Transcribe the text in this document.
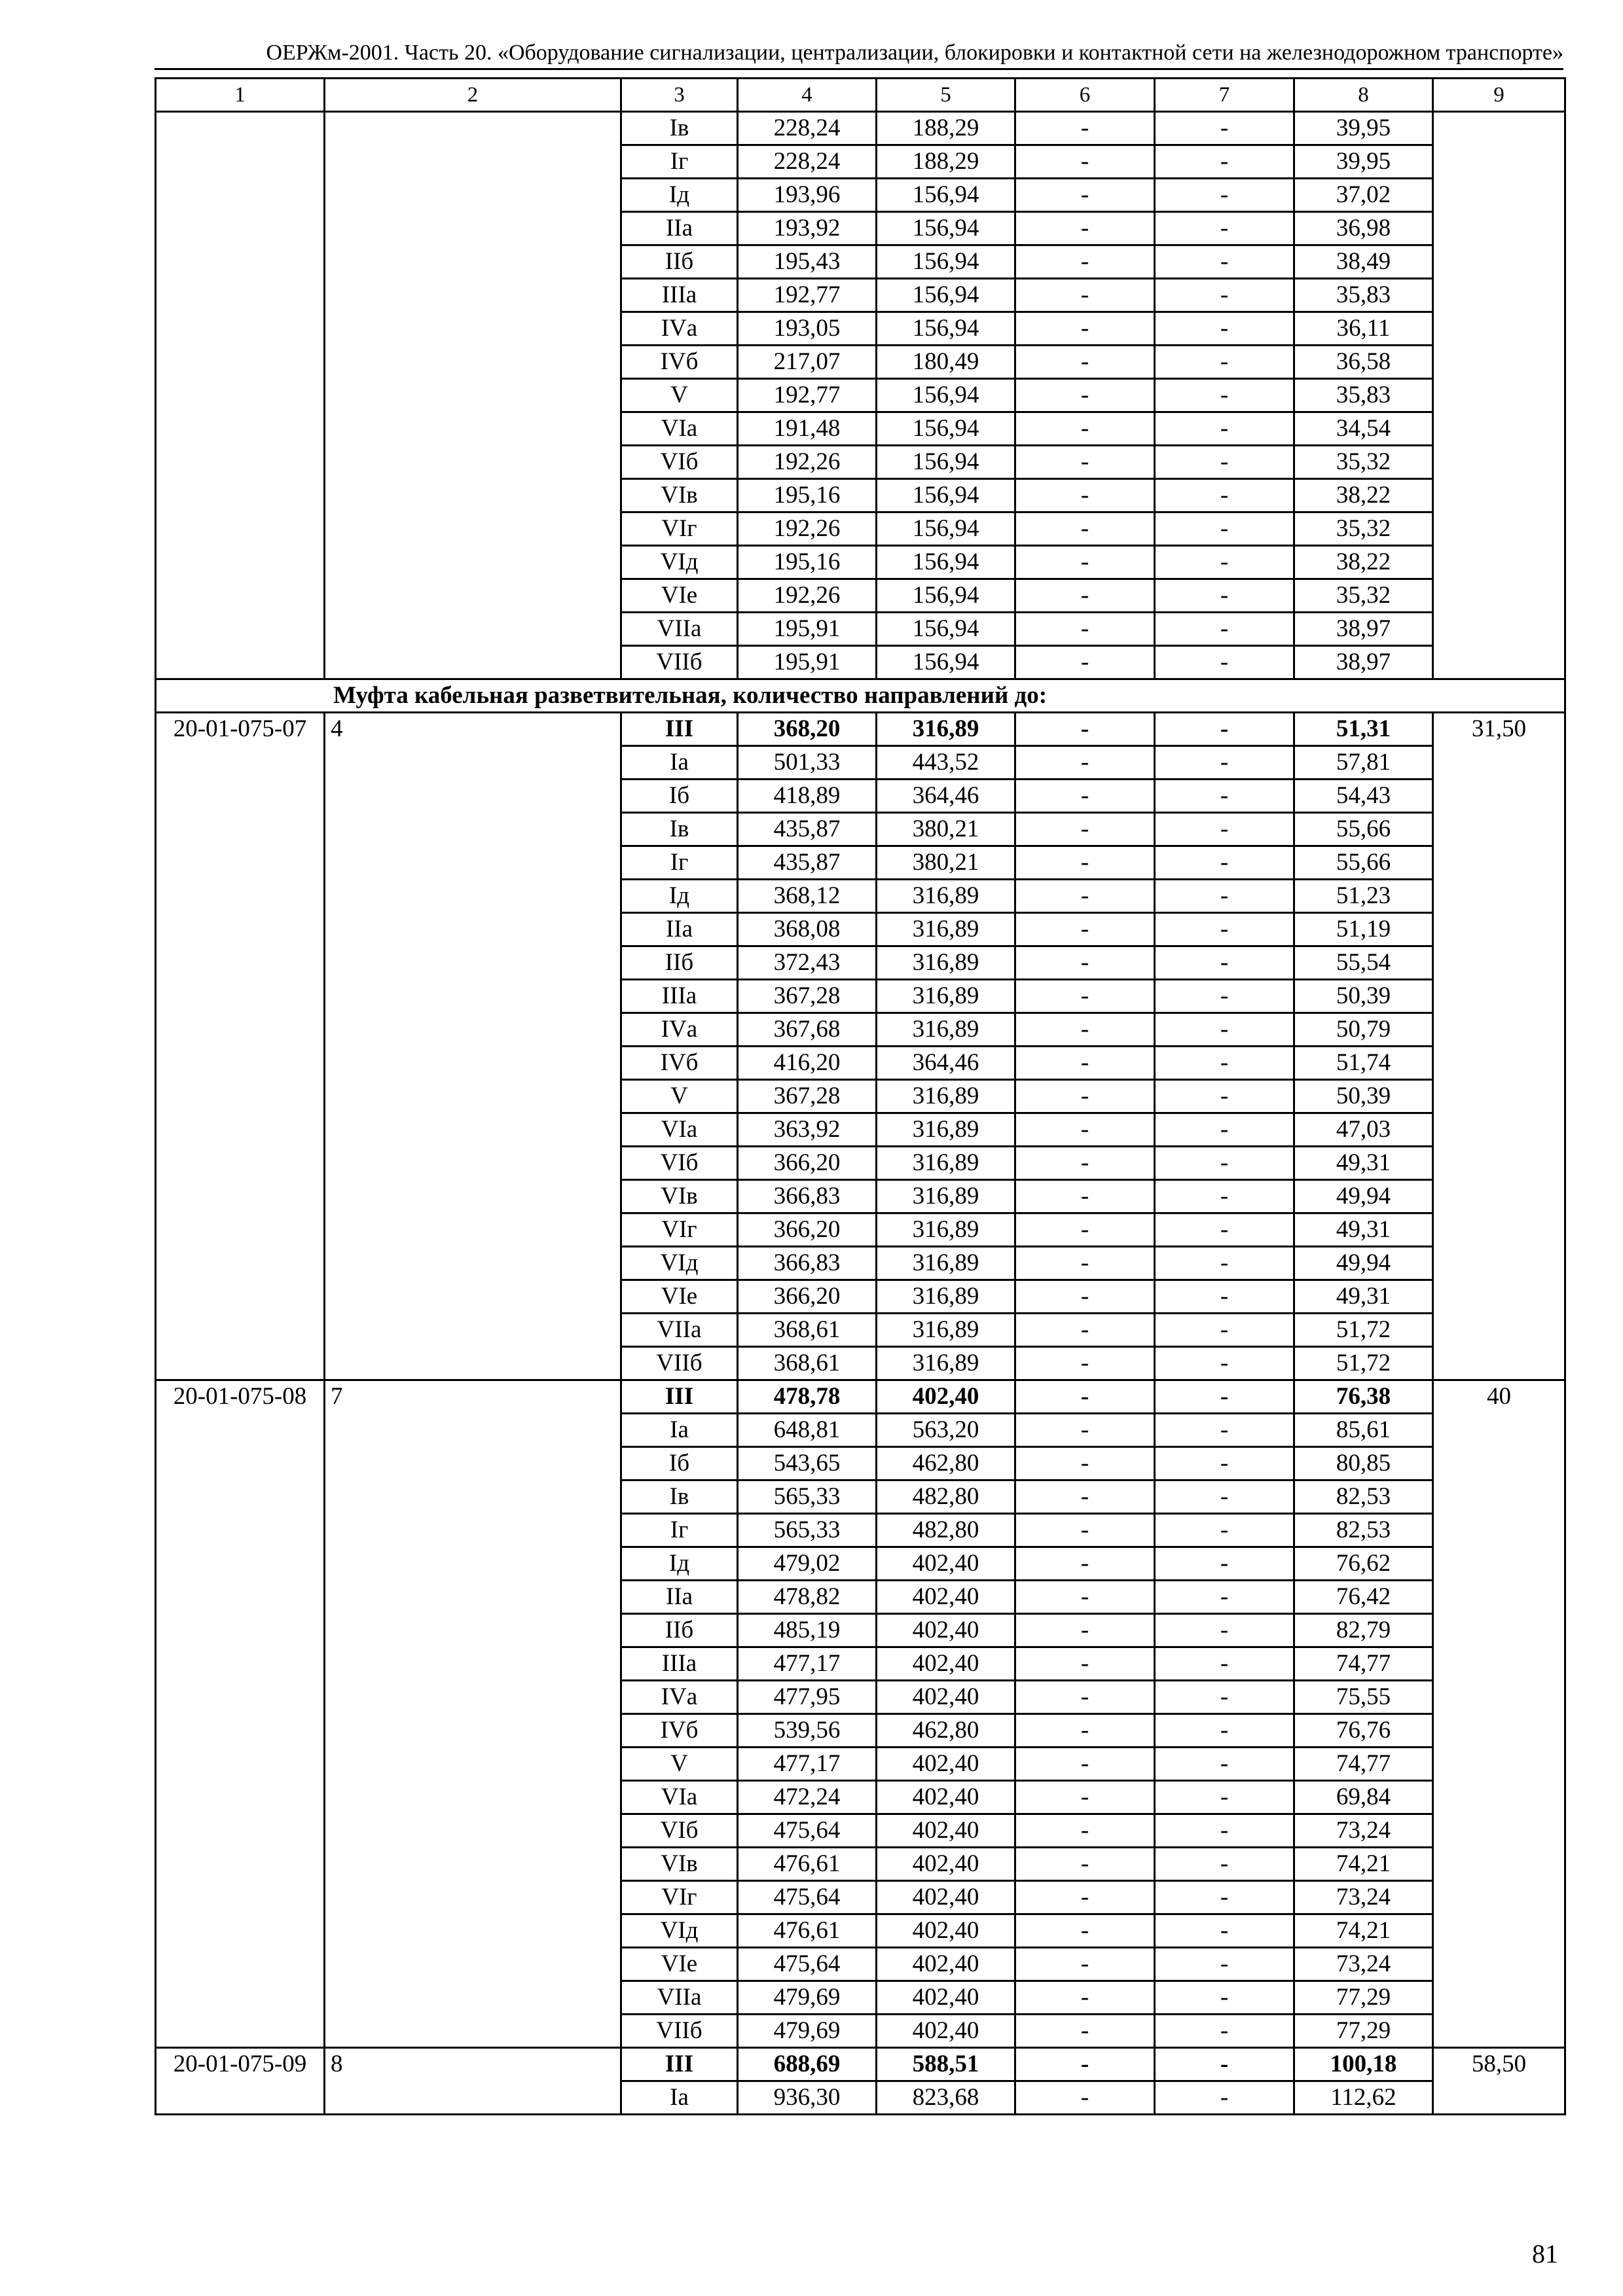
ОЕРЖм-2001. Часть 20. «Оборудование сигнализации, централизации, блокировки и контактной сети на железнодорожном транспорте»
1	2	3	4	5	6	7	8	9
		Iв	228,24	188,29	-	-	39,95	
		Iг	228,24	188,29	-	-	39,95	
		Iд	193,96	156,94	-	-	37,02	
		IIа	193,92	156,94	-	-	36,98	
		IIб	195,43	156,94	-	-	38,49	
		IIIа	192,77	156,94	-	-	35,83	
		IVа	193,05	156,94	-	-	36,11	
		IVб	217,07	180,49	-	-	36,58	
		V	192,77	156,94	-	-	35,83	
		VIа	191,48	156,94	-	-	34,54	
		VIб	192,26	156,94	-	-	35,32	
		VIв	195,16	156,94	-	-	38,22	
		VIг	192,26	156,94	-	-	35,32	
		VIд	195,16	156,94	-	-	38,22	
		VIе	192,26	156,94	-	-	35,32	
		VIIа	195,91	156,94	-	-	38,97	
		VIIб	195,91	156,94	-	-	38,97	
Муфта кабельная разветвительная, количество направлений до:								
20-01-075-07	4	III	368,20	316,89	-	-	51,31	31,50
		Iа	501,33	443,52	-	-	57,81	
		Iб	418,89	364,46	-	-	54,43	
		Iв	435,87	380,21	-	-	55,66	
		Iг	435,87	380,21	-	-	55,66	
		Iд	368,12	316,89	-	-	51,23	
		IIа	368,08	316,89	-	-	51,19	
		IIб	372,43	316,89	-	-	55,54	
		IIIа	367,28	316,89	-	-	50,39	
		IVа	367,68	316,89	-	-	50,79	
		IVб	416,20	364,46	-	-	51,74	
		V	367,28	316,89	-	-	50,39	
		VIа	363,92	316,89	-	-	47,03	
		VIб	366,20	316,89	-	-	49,31	
		VIв	366,83	316,89	-	-	49,94	
		VIг	366,20	316,89	-	-	49,31	
		VIд	366,83	316,89	-	-	49,94	
		VIе	366,20	316,89	-	-	49,31	
		VIIа	368,61	316,89	-	-	51,72	
		VIIб	368,61	316,89	-	-	51,72	
20-01-075-08	7	III	478,78	402,40	-	-	76,38	40
		Iа	648,81	563,20	-	-	85,61	
		Iб	543,65	462,80	-	-	80,85	
		Iв	565,33	482,80	-	-	82,53	
		Iг	565,33	482,80	-	-	82,53	
		Iд	479,02	402,40	-	-	76,62	
		IIа	478,82	402,40	-	-	76,42	
		IIб	485,19	402,40	-	-	82,79	
		IIIа	477,17	402,40	-	-	74,77	
		IVа	477,95	402,40	-	-	75,55	
		IVб	539,56	462,80	-	-	76,76	
		V	477,17	402,40	-	-	74,77	
		VIа	472,24	402,40	-	-	69,84	
		VIб	475,64	402,40	-	-	73,24	
		VIв	476,61	402,40	-	-	74,21	
		VIг	475,64	402,40	-	-	73,24	
		VIд	476,61	402,40	-	-	74,21	
		VIе	475,64	402,40	-	-	73,24	
		VIIа	479,69	402,40	-	-	77,29	
		VIIб	479,69	402,40	-	-	77,29	
20-01-075-09	8	III	688,69	588,51	-	-	100,18	58,50
		Iа	936,30	823,68	-	-	112,62	
81
